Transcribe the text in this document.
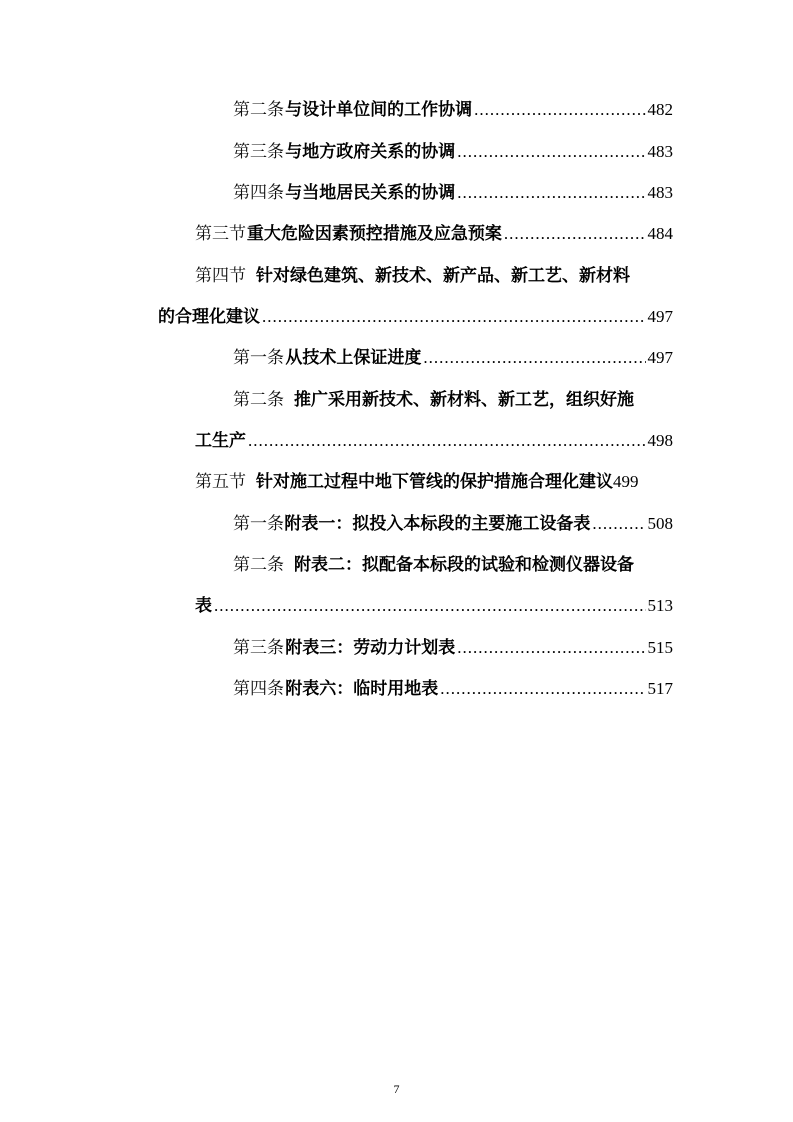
第二条 与设计单位间的工作协调 .....	482
第三条 与地方政府关系的协调 .....	483
第四条 与当地居民关系的协调 .....	483
第三节 重大危险因素预控措施及应急预案 .....	484
第四节 针对绿色建筑、新技术、新产品、新工艺、新材料
的合理化建议 .....	497
第一条 从技术上保证进度 .....	497
第二条 推广采用新技术、新材料、新工艺，组织好施
工生产 .....	498
第五节 针对施工过程中地下管线的保护措施合理化建议 499
第一条 附表一：拟投入本标段的主要施工设备表 .....	508
第二条 附表二：拟配备本标段的试验和检测仪器设备
表 .....	513
第三条 附表三：劳动力计划表 .....	515
第四条 附表六：临时用地表 .....	517
7
